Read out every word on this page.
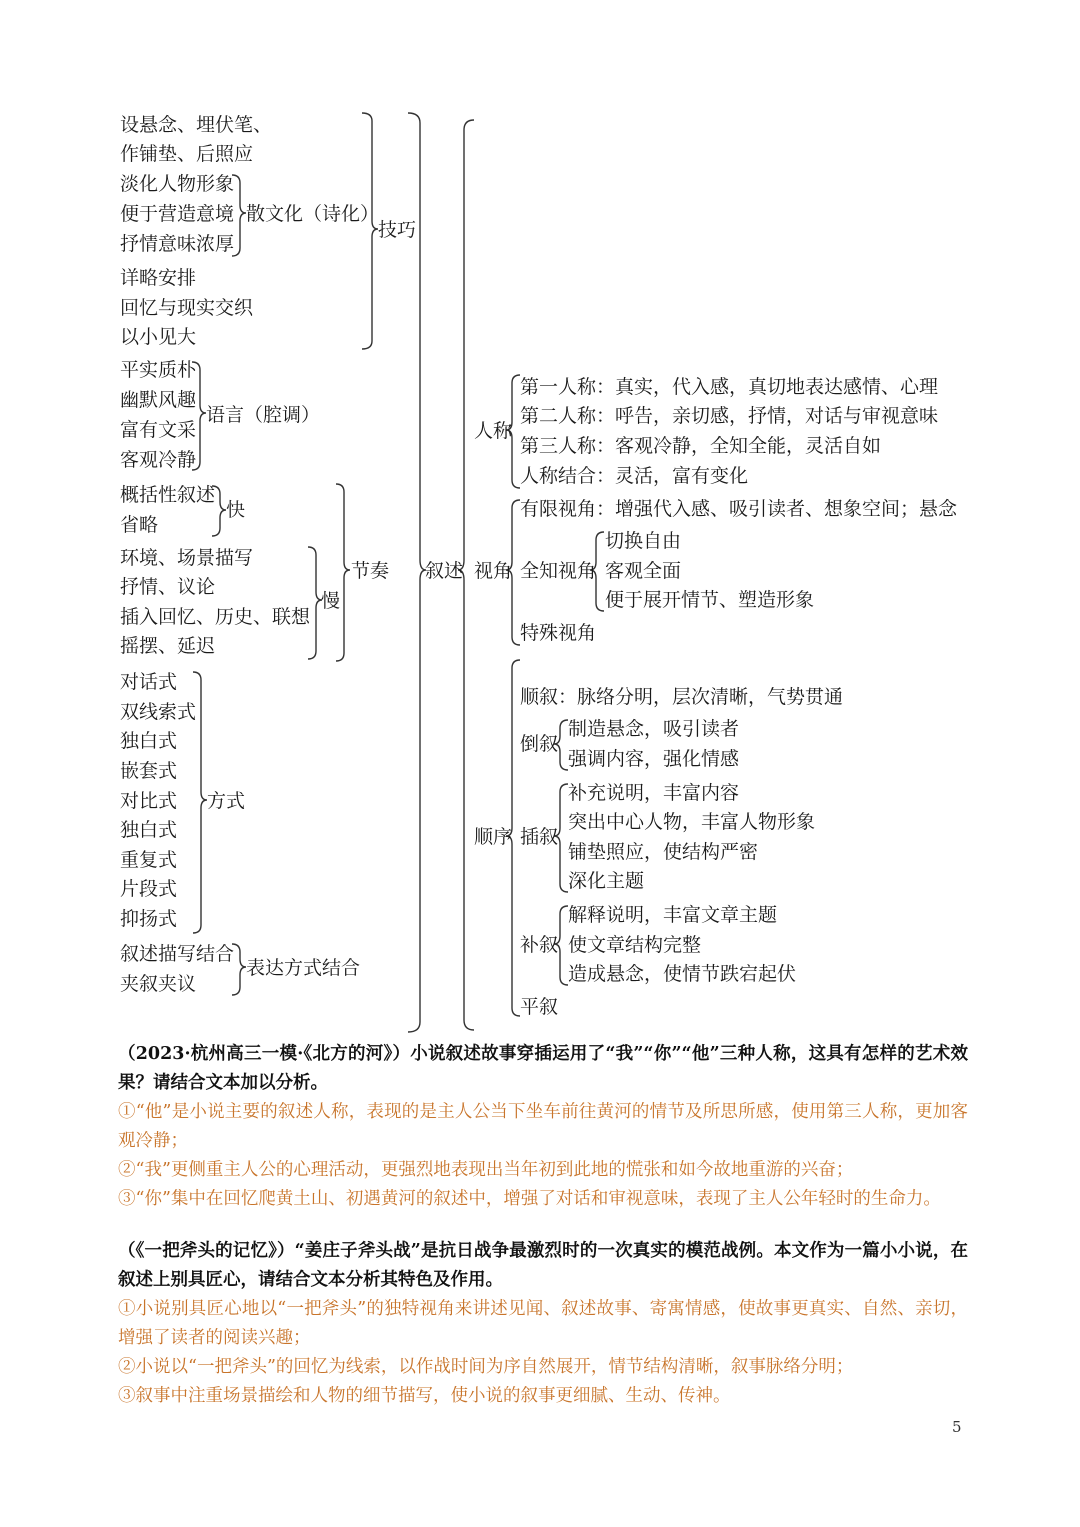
设悬念、埋伏笔、
作铺垫、后照应
淡化人物形象
便于营造意境
抒情意味浓厚
散文化（诗化）
详略安排
回忆与现实交织
以小见大
技巧
平实质朴
幽默风趣
富有文采
客观冷静
语言（腔调）
概括性叙述
省略
快
环境、场景描写
抒情、议论
插入回忆、历史、联想
摇摆、延迟
慢
节奏
对话式
双线索式
独白式
嵌套式
对比式
独白式
重复式
片段式
抑扬式
方式
叙述描写结合
夹叙夹议
表达方式结合
叙述
人称
第一人称：真实，代入感，真切地表达感情、心理
第二人称：呼告，亲切感，抒情，对话与审视意味
第三人称：客观冷静，全知全能，灵活自如
人称结合：灵活，富有变化
视角
有限视角：增强代入感、吸引读者、想象空间；悬念
全知视角
切换自由
客观全面
便于展开情节、塑造形象
特殊视角
顺序
顺叙：脉络分明，层次清晰，气势贯通
倒叙
制造悬念，吸引读者
强调内容，强化情感
插叙
补充说明，丰富内容
突出中心人物，丰富人物形象
铺垫照应，使结构严密
深化主题
补叙
解释说明，丰富文章主题
使文章结构完整
造成悬念，使情节跌宕起伏
平叙
（2023·杭州高三一模·《北方的河》）小说叙述故事穿插运用了“我”“你”“他”三种人称，这具有怎样的艺术效果？请结合文本加以分析。
①“他”是小说主要的叙述人称，表现的是主人公当下坐车前往黄河的情节及所思所感，使用第三人称，更加客观冷静；
②“我”更侧重主人公的心理活动，更强烈地表现出当年初到此地的慌张和如今故地重游的兴奋；
③“你”集中在回忆爬黄土山、初遇黄河的叙述中，增强了对话和审视意味，表现了主人公年轻时的生命力。
（《一把斧头的记忆》）“姜庄子斧头战”是抗日战争最激烈时的一次真实的模范战例。本文作为一篇小小说，在叙述上别具匠心，请结合文本分析其特色及作用。
①小说别具匠心地以“一把斧头”的独特视角来讲述见闻、叙述故事、寄寓情感，使故事更真实、自然、亲切，增强了读者的阅读兴趣；
②小说以“一把斧头”的回忆为线索，以作战时间为序自然展开，情节结构清晰，叙事脉络分明；
③叙事中注重场景描绘和人物的细节描写，使小说的叙事更细腻、生动、传神。
5
